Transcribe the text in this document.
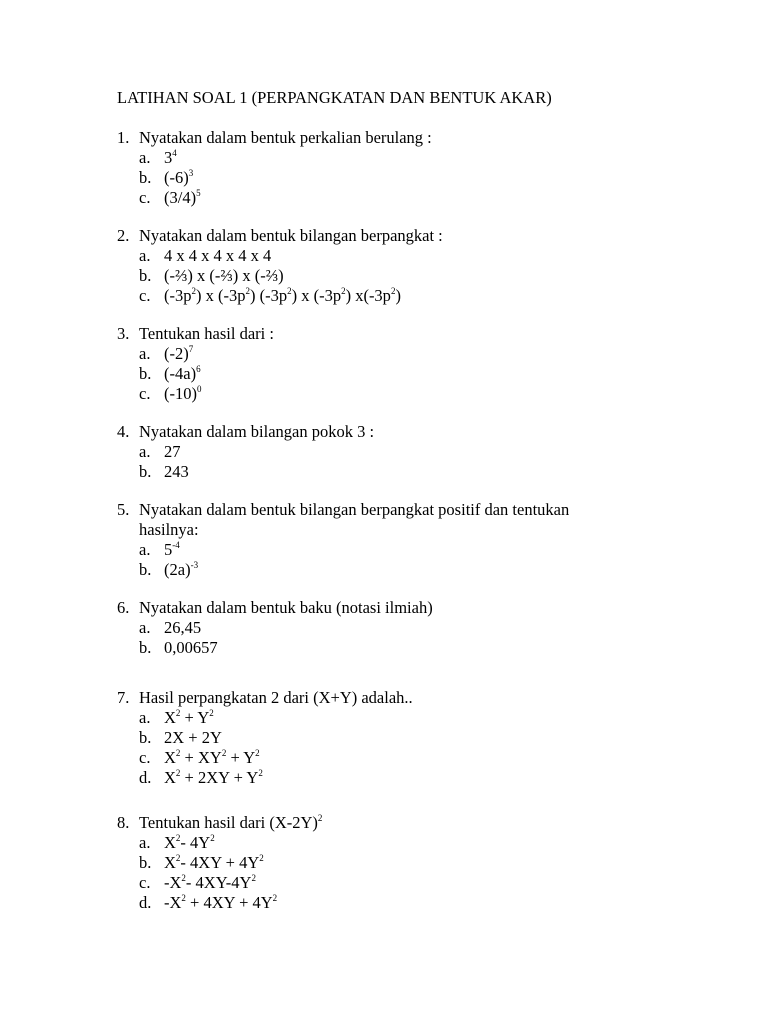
LATIHAN SOAL 1 (PERPANGKATAN DAN BENTUK AKAR)
1. Nyatakan dalam bentuk perkalian berulang :
a. $3^4$
b. $(-6)^3$
c. $(3/4)^5$
2. Nyatakan dalam bentuk bilangan berpangkat :
a. 4 x 4 x 4 x 4 x 4
b. (-⅔) x (-⅔) x (-⅔)
c. $(-3p^2)$ x $(-3p^2)$ $(-3p^2)$ x $(-3p^2)$ $x(-3p^2)$
3. Tentukan hasil dari :
a. $(-2)^7$
b. $(-4a)^6$
c. $(-10)^0$
4. Nyatakan dalam bilangan pokok 3 :
a. 27
b. 243
5. Nyatakan dalam bentuk bilangan berpangkat positif dan tentukan
hasilnya:
a. $5^{-4}$
b. $(2a)^{-3}$
6. Nyatakan dalam bentuk baku (notasi ilmiah)
a. 26,45
b. 0,00657
7. Hasil perpangkatan 2 dari (X+Y) adalah..
a. $X^2 + Y^2$
b. 2X + 2Y
c. $X^2 + XY^2 + Y^2$
d. $X^2 + 2XY + Y^2$
8. Tentukan hasil dari $(X-2Y)^2$
a. $X^2-$ $4Y^2$
b. $X^2-$ $4XY + 4Y^2$
c. $-X^2-$ $4XY-4Y^2$
d. $-X^2 + 4XY + 4Y^2$
